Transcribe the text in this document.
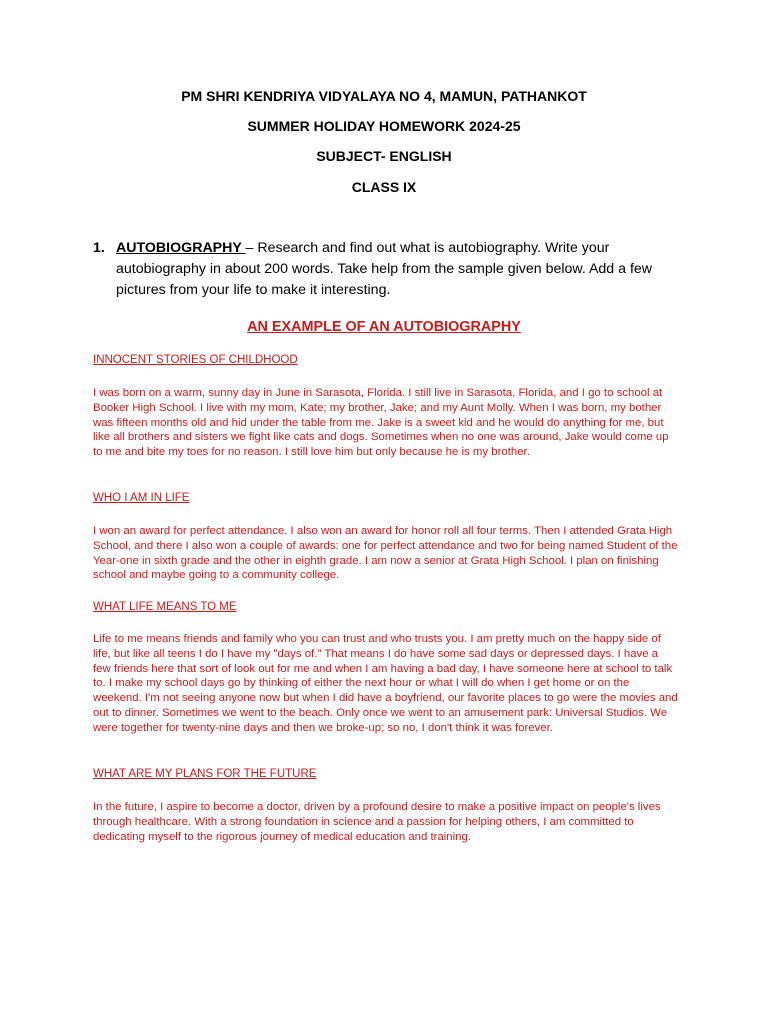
PM SHRI KENDRIYA VIDYALAYA NO 4, MAMUN, PATHANKOT
SUMMER HOLIDAY HOMEWORK 2024-25
SUBJECT- ENGLISH
CLASS IX
1. AUTOBIOGRAPHY – Research and find out what is autobiography. Write your autobiography in about 200 words. Take help from the sample given below. Add a few pictures from your life to make it interesting.
AN EXAMPLE OF AN AUTOBIOGRAPHY
INNOCENT STORIES OF CHILDHOOD
I was born on a warm, sunny day in June in Sarasota, Florida. I still live in Sarasota, Florida, and I go to school at Booker High School. I live with my mom, Kate; my brother, Jake; and my Aunt Molly. When I was born, my bother was fifteen months old and hid under the table from me. Jake is a sweet kid and he would do anything for me, but like all brothers and sisters we fight like cats and dogs. Sometimes when no one was around, Jake would come up to me and bite my toes for no reason. I still love him but only because he is my brother.
WHO I AM IN LIFE
I won an award for perfect attendance. I also won an award for honor roll all four terms. Then I attended Grata High School, and there I also won a couple of awards: one for perfect attendance and two for being named Student of the Year-one in sixth grade and the other in eighth grade. I am now a senior at Grata High School. I plan on finishing school and maybe going to a community college.
WHAT LIFE MEANS TO ME
Life to me means friends and family who you can trust and who trusts you. I am pretty much on the happy side of life, but like all teens I do I have my "days of." That means I do have some sad days or depressed days. I have a few friends here that sort of look out for me and when I am having a bad day, I have someone here at school to talk to. I make my school days go by thinking of either the next hour or what I will do when I get home or on the weekend. I'm not seeing anyone now but when I did have a boyfriend, our favorite places to go were the movies and out to dinner. Sometimes we went to the beach. Only once we went to an amusement park: Universal Studios. We were together for twenty-nine days and then we broke-up; so no, I don't think it was forever.
WHAT ARE MY PLANS FOR THE FUTURE
In the future, I aspire to become a doctor, driven by a profound desire to make a positive impact on people's lives through healthcare. With a strong foundation in science and a passion for helping others, I am committed to dedicating myself to the rigorous journey of medical education and training.
